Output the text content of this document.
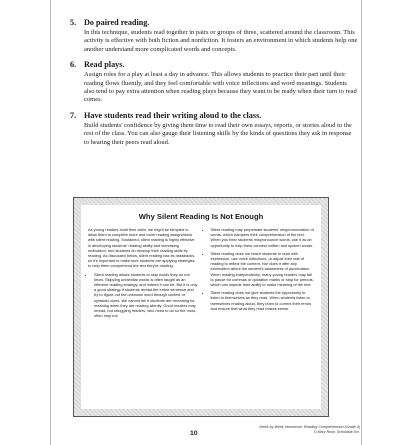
5. Do paired reading.

In this technique, students read together in pairs or groups of three, scattered around the classroom. This activity is effective with both fiction and nonfiction. It fosters an environment in which students help one another understand more complicated words and concepts.

6. Read plays.

Assign roles for a play at least a day in advance. This allows students to practice their part until their reading flows fluently, and they feel comfortable with voice inflections and word meanings. Students also tend to pay extra attention when reading plays because they want to be ready when their turn to read comes.

7. Have students read their writing aloud to the class.

Build students' confidence by giving them time to read their own essays, reports, or stories aloud to the rest of the class. You can also gauge their listening skills by the kinds of questions they ask in response to hearing their peers read aloud.

Why Silent Reading Is Not Enough

As young readers build their skills, we might be tempted to allow them to complete more and more reading assignments with silent reading. Sustained, silent reading is highly effective in developing students' reading ability and increasing motivation, and students do develop their reading skills by reading. As discussed below, silent reading has its drawbacks, so it's important to make sure students are applying strategies to help them comprehend the text they're reading.

• Silent reading allows students to skip words they do not know. Skipping unfamiliar words is often taught as an effective reading strategy, and indeed it can be. But it is only a good strategy if students reread the entire sentence and try to figure out the unknown word through context or syntactic clues. We cannot tell if students are rereading for meaning when they are reading silently. Good readers may reread, but struggling readers, who need to do so the most, often may not.
• Silent reading may perpetuate students' mispronunciation of words, which hampers their comprehension of the text. When you hear students mispronounce words, use it as an opportunity to help them connect written and spoken words.
• Silent reading does not teach students to read with expression, use voice inflections, or adjust their rate of reading to reflect the content. Nor does it offer any information about the student's awareness of punctuation. When reading independently, many young readers may fail to pause for commas or quotation marks or stop for periods, which can impede their ability to make meaning of the text.
• Silent reading does not give students the opportunity to listen to themselves as they read. When students listen to themselves reading aloud, they learn to correct their errors and ensure that what they read makes sense.
Week-by-Week Homework: Reading Comprehension (Grade 4)
© Mary Rose, Scholastic Inc.
10
